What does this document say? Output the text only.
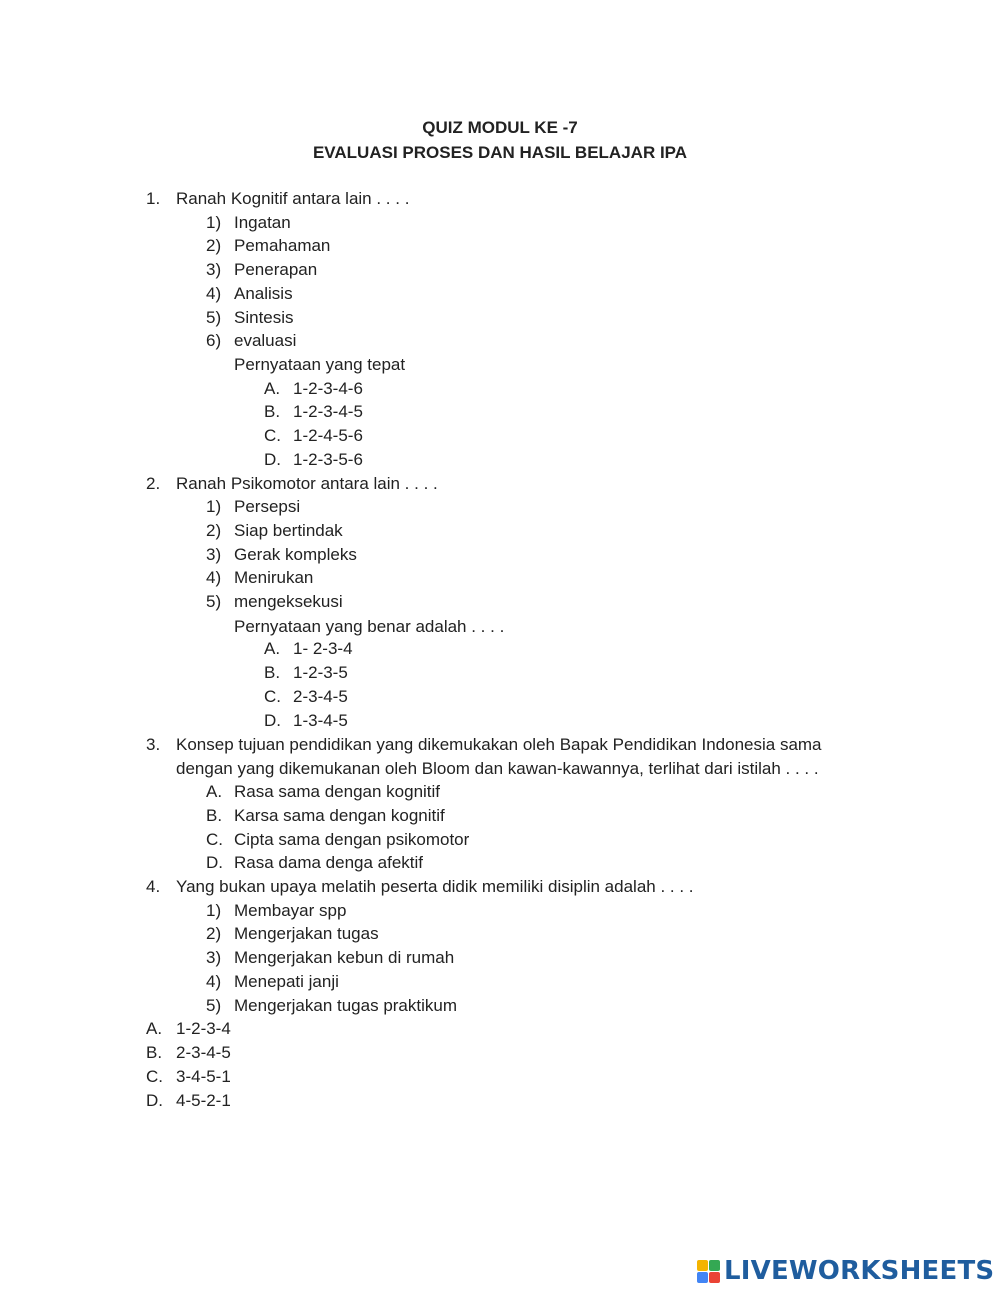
QUIZ MODUL KE -7
EVALUASI PROSES DAN HASIL BELAJAR IPA
1. Ranah Kognitif antara lain . . . .
1) Ingatan
2) Pemahaman
3) Penerapan
4) Analisis
5) Sintesis
6) evaluasi
Pernyataan yang tepat
A. 1-2-3-4-6
B. 1-2-3-4-5
C. 1-2-4-5-6
D. 1-2-3-5-6
2. Ranah Psikomotor antara lain . . . .
1) Persepsi
2) Siap bertindak
3) Gerak kompleks
4) Menirukan
5) mengeksekusi
Pernyataan yang benar adalah . . . .
A. 1- 2-3-4
B. 1-2-3-5
C. 2-3-4-5
D. 1-3-4-5
3. Konsep tujuan pendidikan yang dikemukakan oleh Bapak Pendidikan Indonesia sama
dengan yang dikemukanan oleh Bloom dan kawan-kawannya, terlihat dari istilah . . . .
A. Rasa sama dengan kognitif
B. Karsa sama dengan kognitif
C. Cipta sama dengan psikomotor
D. Rasa dama denga afektif
4. Yang bukan upaya melatih peserta didik memiliki disiplin adalah . . . .
1) Membayar spp
2) Mengerjakan tugas
3) Mengerjakan kebun di rumah
4) Menepati janji
5) Mengerjakan tugas praktikum
A. 1-2-3-4
B. 2-3-4-5
C. 3-4-5-1
D. 4-5-2-1
LIVEWORKSHEETS
